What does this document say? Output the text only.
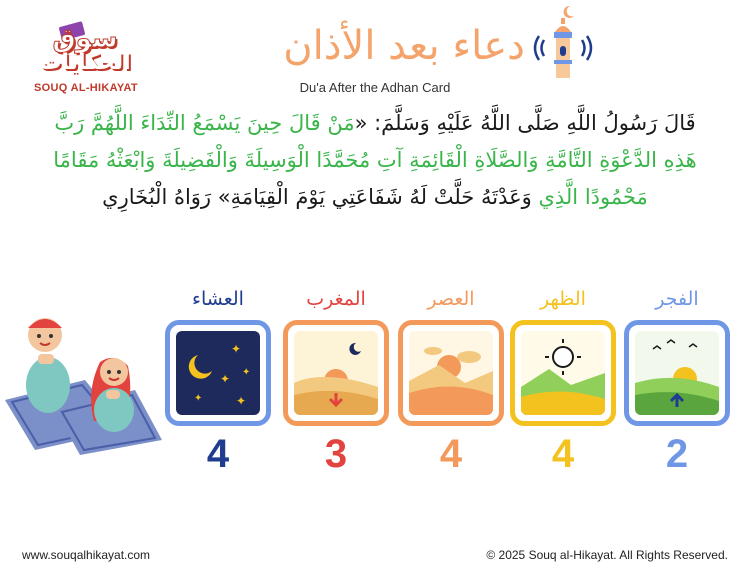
سوق
الحكايات
SOUQ AL-HIKAYAT
دعاء بعد الأذان
Du'a After the Adhan Card
قَالَ رَسُولُ اللَّهِ صَلَّى اللَّهُ عَلَيْهِ وَسَلَّمَ: «مَنْ قَالَ حِينَ يَسْمَعُ النِّدَاءَ اللَّهُمَّ رَبَّ هَذِهِ الدَّعْوَةِ التَّامَّةِ وَالصَّلَاةِ الْقَائِمَةِ آتِ مُحَمَّدًا الْوَسِيلَةَ وَالْفَضِيلَةَ وَابْعَثْهُ مَقَامًا مَحْمُودًا الَّذِي وَعَدْتَهُ حَلَّتْ لَهُ شَفَاعَتِي يَوْمَ الْقِيَامَةِ» رَوَاهُ الْبُخَارِي
العشاء
✦
✦
✦
✦	✦
4
المغرب
3
العصر
4
الظهر
4
الفجر
2
www.souqalhikayat.com	© 2025 Souq al-Hikayat. All Rights Reserved.
